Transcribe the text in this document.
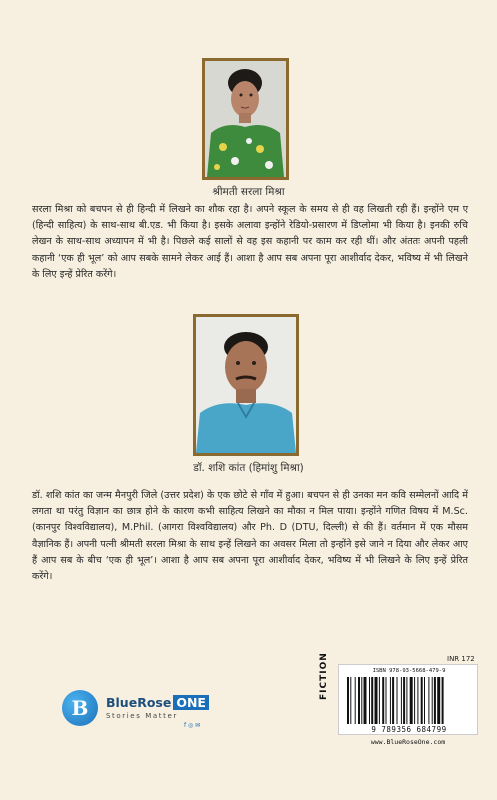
श्रीमती सरला मिश्रा

सरला मिश्रा को बचपन से ही हिन्दी में लिखने का शौक रहा है। अपने स्कूल के समय से ही वह लिखती रही हैं। इन्होंने एम ए (हिन्दी साहित्य) के साथ-साथ बी.एड. भी किया है। इसके अलावा इन्होंने रेडियो-प्रसारण में डिप्लोमा भी किया है। इनकी रुचि लेखन के साथ-साथ अध्यापन में भी है। पिछले कई सालों से वह इस कहानी पर काम कर रही थीं। और अंततः अपनी पहली कहानी ‘एक ही भूल’ को आप सबके सामने लेकर आई हैं। आशा है आप सब अपना पूरा आशीर्वाद देकर, भविष्य में भी लिखने के लिए इन्हें प्रेरित करेंगे।

डॉ. शशि कांत (हिमांशु मिश्रा)

डॉ. शशि कांत का जन्म मैनपुरी जिले (उत्तर प्रदेश) के एक छोटे से गाँव में हुआ। बचपन से ही उनका मन कवि सम्मेलनों आदि में लगता था परंतु विज्ञान का छात्र होने के कारण कभी साहित्य लिखने का मौका न मिल पाया। इन्होंने गणित विषय में M.Sc. (कानपुर विश्वविद्यालय), M.Phil. (आगरा विश्वविद्यालय) और Ph. D (DTU, दिल्ली) से की हैं। वर्तमान में एक मौसम वैज्ञानिक हैं। अपनी पत्नी श्रीमती सरला मिश्रा के साथ इन्हें लिखने का अवसर मिला तो इन्होंने इसे जाने न दिया और लेकर आए हैं आप सब के बीच ‘एक ही भूल’। आशा है आप सब अपना पूरा आशीर्वाद देकर, भविष्य में भी लिखने के लिए इन्हें प्रेरित करेंगे।

B	BlueRose ONE
Stories Matter
f ◎ ✉
FICTION	INR 172
ISBN 978-93-5668-479-9
9 789356 684799
www.BlueRoseOne.com
